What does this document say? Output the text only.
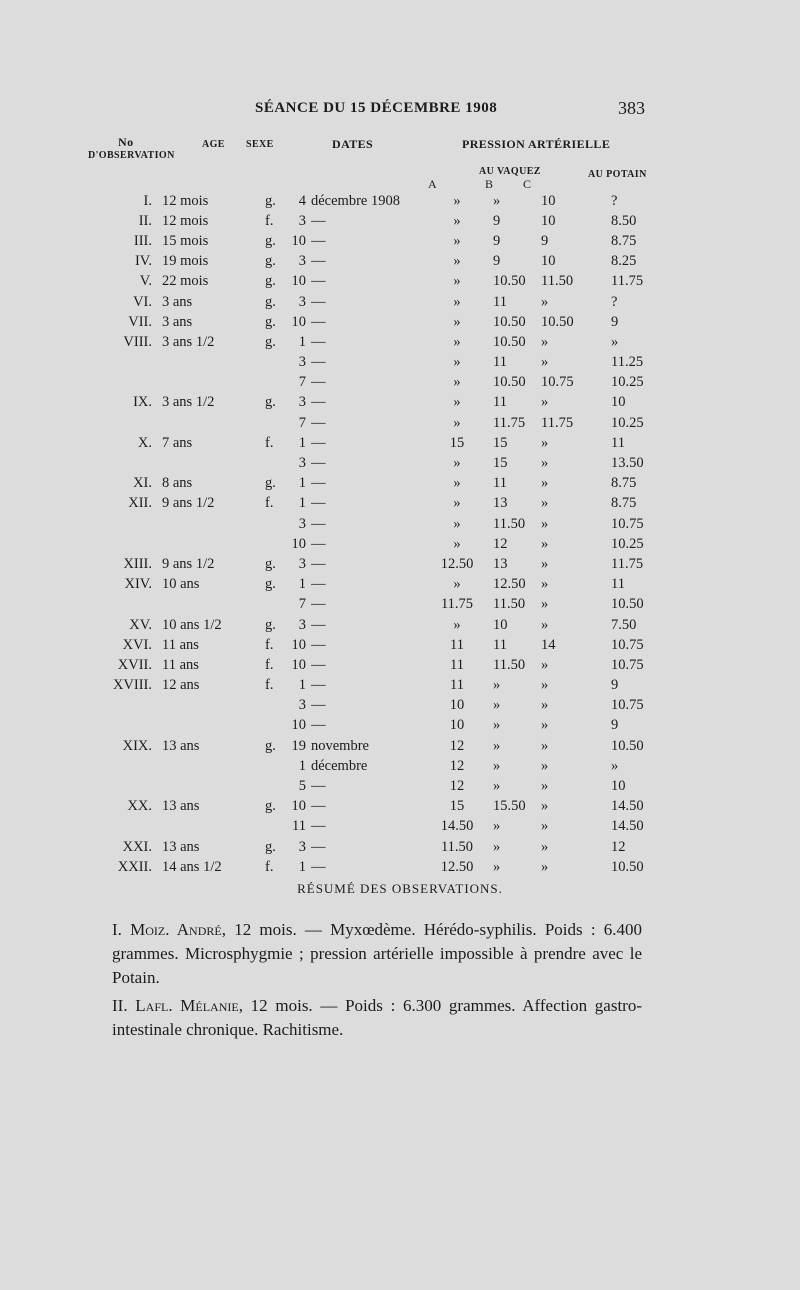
SÉANCE DU 15 DÉCEMBRE 1908	383
No
D'OBSERVATION
AGE SEXE	DATES	PRESSION ARTÉRIELLE
AU VAQUEZ	AU POTAIN
A	B C
I.	12 mois	g.	4	décembre 1908	»	»	10	?
II.	12 mois	f.	3	—	»	9	10	8.50
III.	15 mois	g.	10	—	»	9	9	8.75
IV.	19 mois	g.	3	—	»	9	10	8.25
V.	22 mois	g.	10	—	»	10.50	11.50	11.75
VI.	3 ans	g.	3	—	»	11	»	?
VII.	3 ans	g.	10	—	»	10.50	10.50	9
VIII.	3 ans 1/2	g.	1	—	»	10.50	»	»
			3	—	»	11	»	11.25
			7	—	»	10.50	10.75	10.25
IX.	3 ans 1/2	g.	3	—	»	11	»	10
			7	—	»	11.75	11.75	10.25
X.	7 ans	f.	1	—	15	15	»	11
			3	—	»	15	»	13.50
XI.	8 ans	g.	1	—	»	11	»	8.75
XII.	9 ans 1/2	f.	1	—	»	13	»	8.75
			3	—	»	11.50	»	10.75
			10	—	»	12	»	10.25
XIII.	9 ans 1/2	g.	3	—	12.50	13	»	11.75
XIV.	10 ans	g.	1	—	»	12.50	»	11
			7	—	11.75	11.50	»	10.50
XV.	10 ans 1/2	g.	3	—	»	10	»	7.50
XVI.	11 ans	f.	10	—	11	11	14	10.75
XVII.	11 ans	f.	10	—	11	11.50	»	10.75
XVIII.	12 ans	f.	1	—	11	»	»	9
			3	—	10	»	»	10.75
			10	—	10	»	»	9
XIX.	13 ans	g.	19	novembre	12	»	»	10.50
			1	décembre	12	»	»	»
			5	—	12	»	»	10
XX.	13 ans	g.	10	—	15	15.50	»	14.50
			11	—	14.50	»	»	14.50
XXI.	13 ans	g.	3	—	11.50	»	»	12
XXII.	14 ans 1/2	f.	1	—	12.50	»	»	10.50
RÉSUMÉ DES OBSERVATIONS.
I. Moiz. André, 12 mois. — Myxœdème. Hérédo-syphilis. Poids : 6.400 grammes. Microsphygmie ; pression artérielle impossible à prendre avec le Potain.
II. Lafl. Mélanie, 12 mois. — Poids : 6.300 grammes. Affection gastro-intestinale chronique. Rachitisme.
